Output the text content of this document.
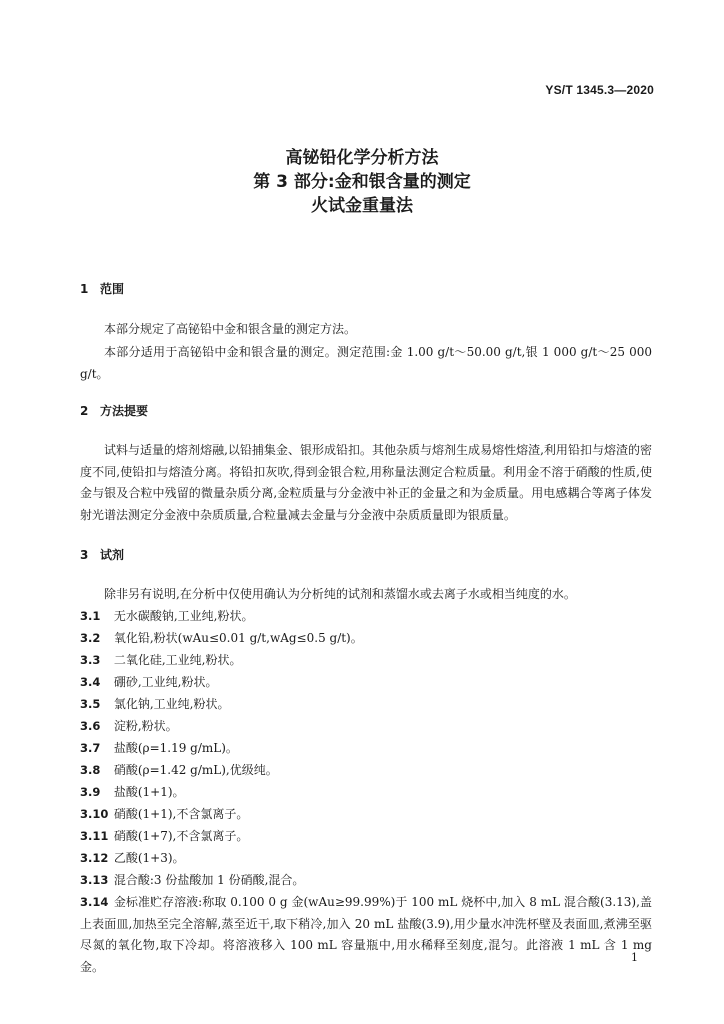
YS/T 1345.3—2020
高铋铅化学分析方法
第 3 部分:金和银含量的测定
火试金重量法
1 范围
本部分规定了高铋铅中金和银含量的测定方法。
本部分适用于高铋铅中金和银含量的测定。测定范围:金 1.00 g/t～50.00 g/t,银 1 000 g/t～25 000 g/t。
2 方法提要
试料与适量的熔剂熔融,以铅捕集金、银形成铅扣。其他杂质与熔剂生成易熔性熔渣,利用铅扣与熔渣的密度不同,使铅扣与熔渣分离。将铅扣灰吹,得到金银合粒,用称量法测定合粒质量。利用金不溶于硝酸的性质,使金与银及合粒中残留的微量杂质分离,金粒质量与分金液中补正的金量之和为金质量。用电感耦合等离子体发射光谱法测定分金液中杂质质量,合粒量减去金量与分金液中杂质质量即为银质量。
3 试剂
除非另有说明,在分析中仅使用确认为分析纯的试剂和蒸馏水或去离子水或相当纯度的水。
3.1 无水碳酸钠,工业纯,粉状。
3.2 氧化铅,粉状(wAu≤0.01 g/t,wAg≤0.5 g/t)。
3.3 二氧化硅,工业纯,粉状。
3.4 硼砂,工业纯,粉状。
3.5 氯化钠,工业纯,粉状。
3.6 淀粉,粉状。
3.7 盐酸(ρ=1.19 g/mL)。
3.8 硝酸(ρ=1.42 g/mL),优级纯。
3.9 盐酸(1+1)。
3.10 硝酸(1+1),不含氯离子。
3.11 硝酸(1+7),不含氯离子。
3.12 乙酸(1+3)。
3.13 混合酸:3 份盐酸加 1 份硝酸,混合。
3.14 金标准贮存溶液:称取 0.100 0 g 金(wAu≥99.99%)于 100 mL 烧杯中,加入 8 mL 混合酸(3.13),盖上表面皿,加热至完全溶解,蒸至近干,取下稍冷,加入 20 mL 盐酸(3.9),用少量水冲洗杯壁及表面皿,煮沸至驱尽氮的氧化物,取下冷却。将溶液移入 100 mL 容量瓶中,用水稀释至刻度,混匀。此溶液 1 mL 含 1 mg 金。
1
